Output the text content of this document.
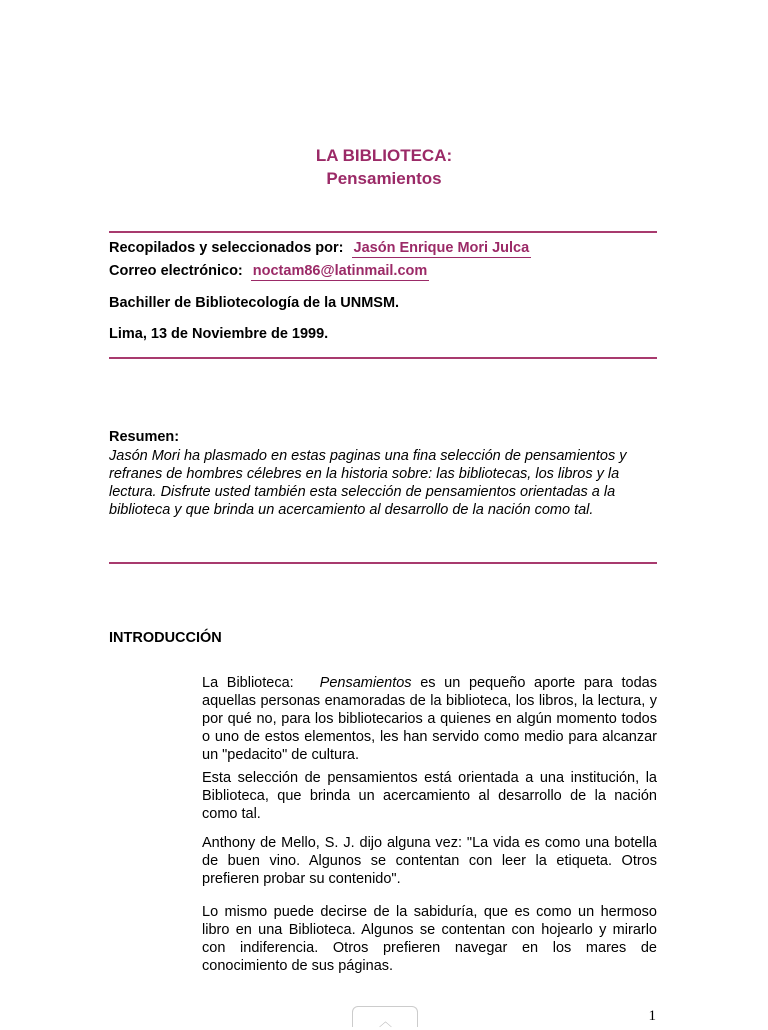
LA BIBLIOTECA:
Pensamientos
Recopilados y seleccionados por: Jasón Enrique Mori Julca
Correo electrónico: noctam86@latinmail.com
Bachiller de Bibliotecología de la UNMSM.
Lima, 13 de Noviembre de 1999.
Resumen:
Jasón Mori ha plasmado en estas paginas una fina selección de pensamientos y refranes de hombres célebres en la historia sobre: las bibliotecas, los libros y la lectura. Disfrute usted también esta selección de pensamientos orientadas a la biblioteca y que brinda un acercamiento al desarrollo de la nación como tal.
INTRODUCCIÓN
La Biblioteca: Pensamientos es un pequeño aporte para todas aquellas personas enamoradas de la biblioteca, los libros, la lectura, y por qué no, para los bibliotecarios a quienes en algún momento todos o uno de estos elementos, les han servido como medio para alcanzar un "pedacito" de cultura.
Esta selección de pensamientos está orientada a una institución, la Biblioteca, que brinda un acercamiento al desarrollo de la nación como tal.
Anthony de Mello, S. J. dijo alguna vez: "La vida es como una botella de buen vino. Algunos se contentan con leer la etiqueta. Otros prefieren probar su contenido".
Lo mismo puede decirse de la sabiduría, que es como un hermoso libro en una Biblioteca. Algunos se contentan con hojearlo y mirarlo con indiferencia. Otros prefieren navegar en los mares de conocimiento de sus páginas.
︿	1
